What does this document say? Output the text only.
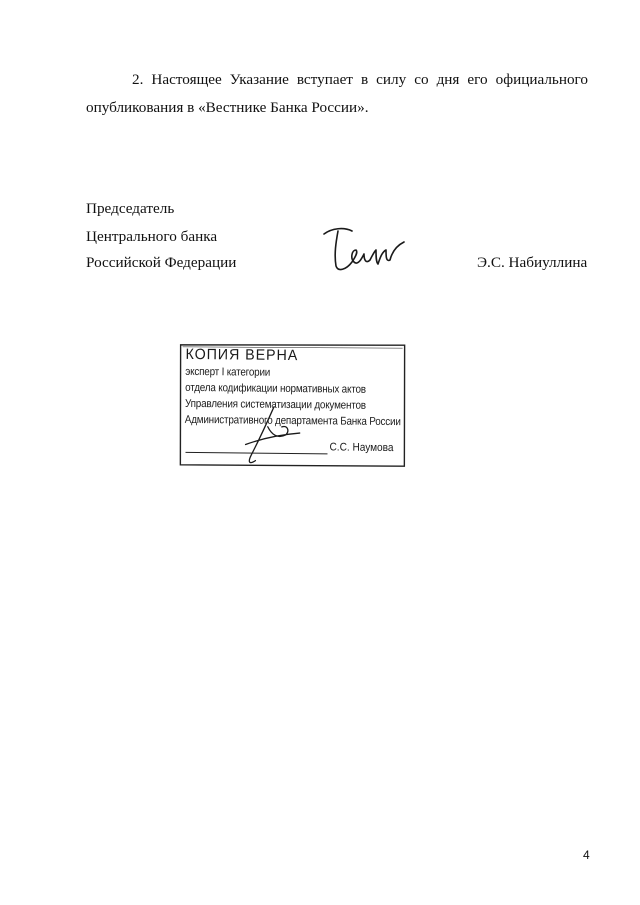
2. Настоящее Указание вступает в силу со дня его официального опубликования в «Вестнике Банка России».

Председатель
Центрального банка
Российской Федерации	Э.С. Набиуллина
КОПИЯ ВЕРНА
эксперт I категории
отдела кодификации нормативных актов
Управления систематизации документов
Административного департамента Банка России
С.С. Наумова
4
